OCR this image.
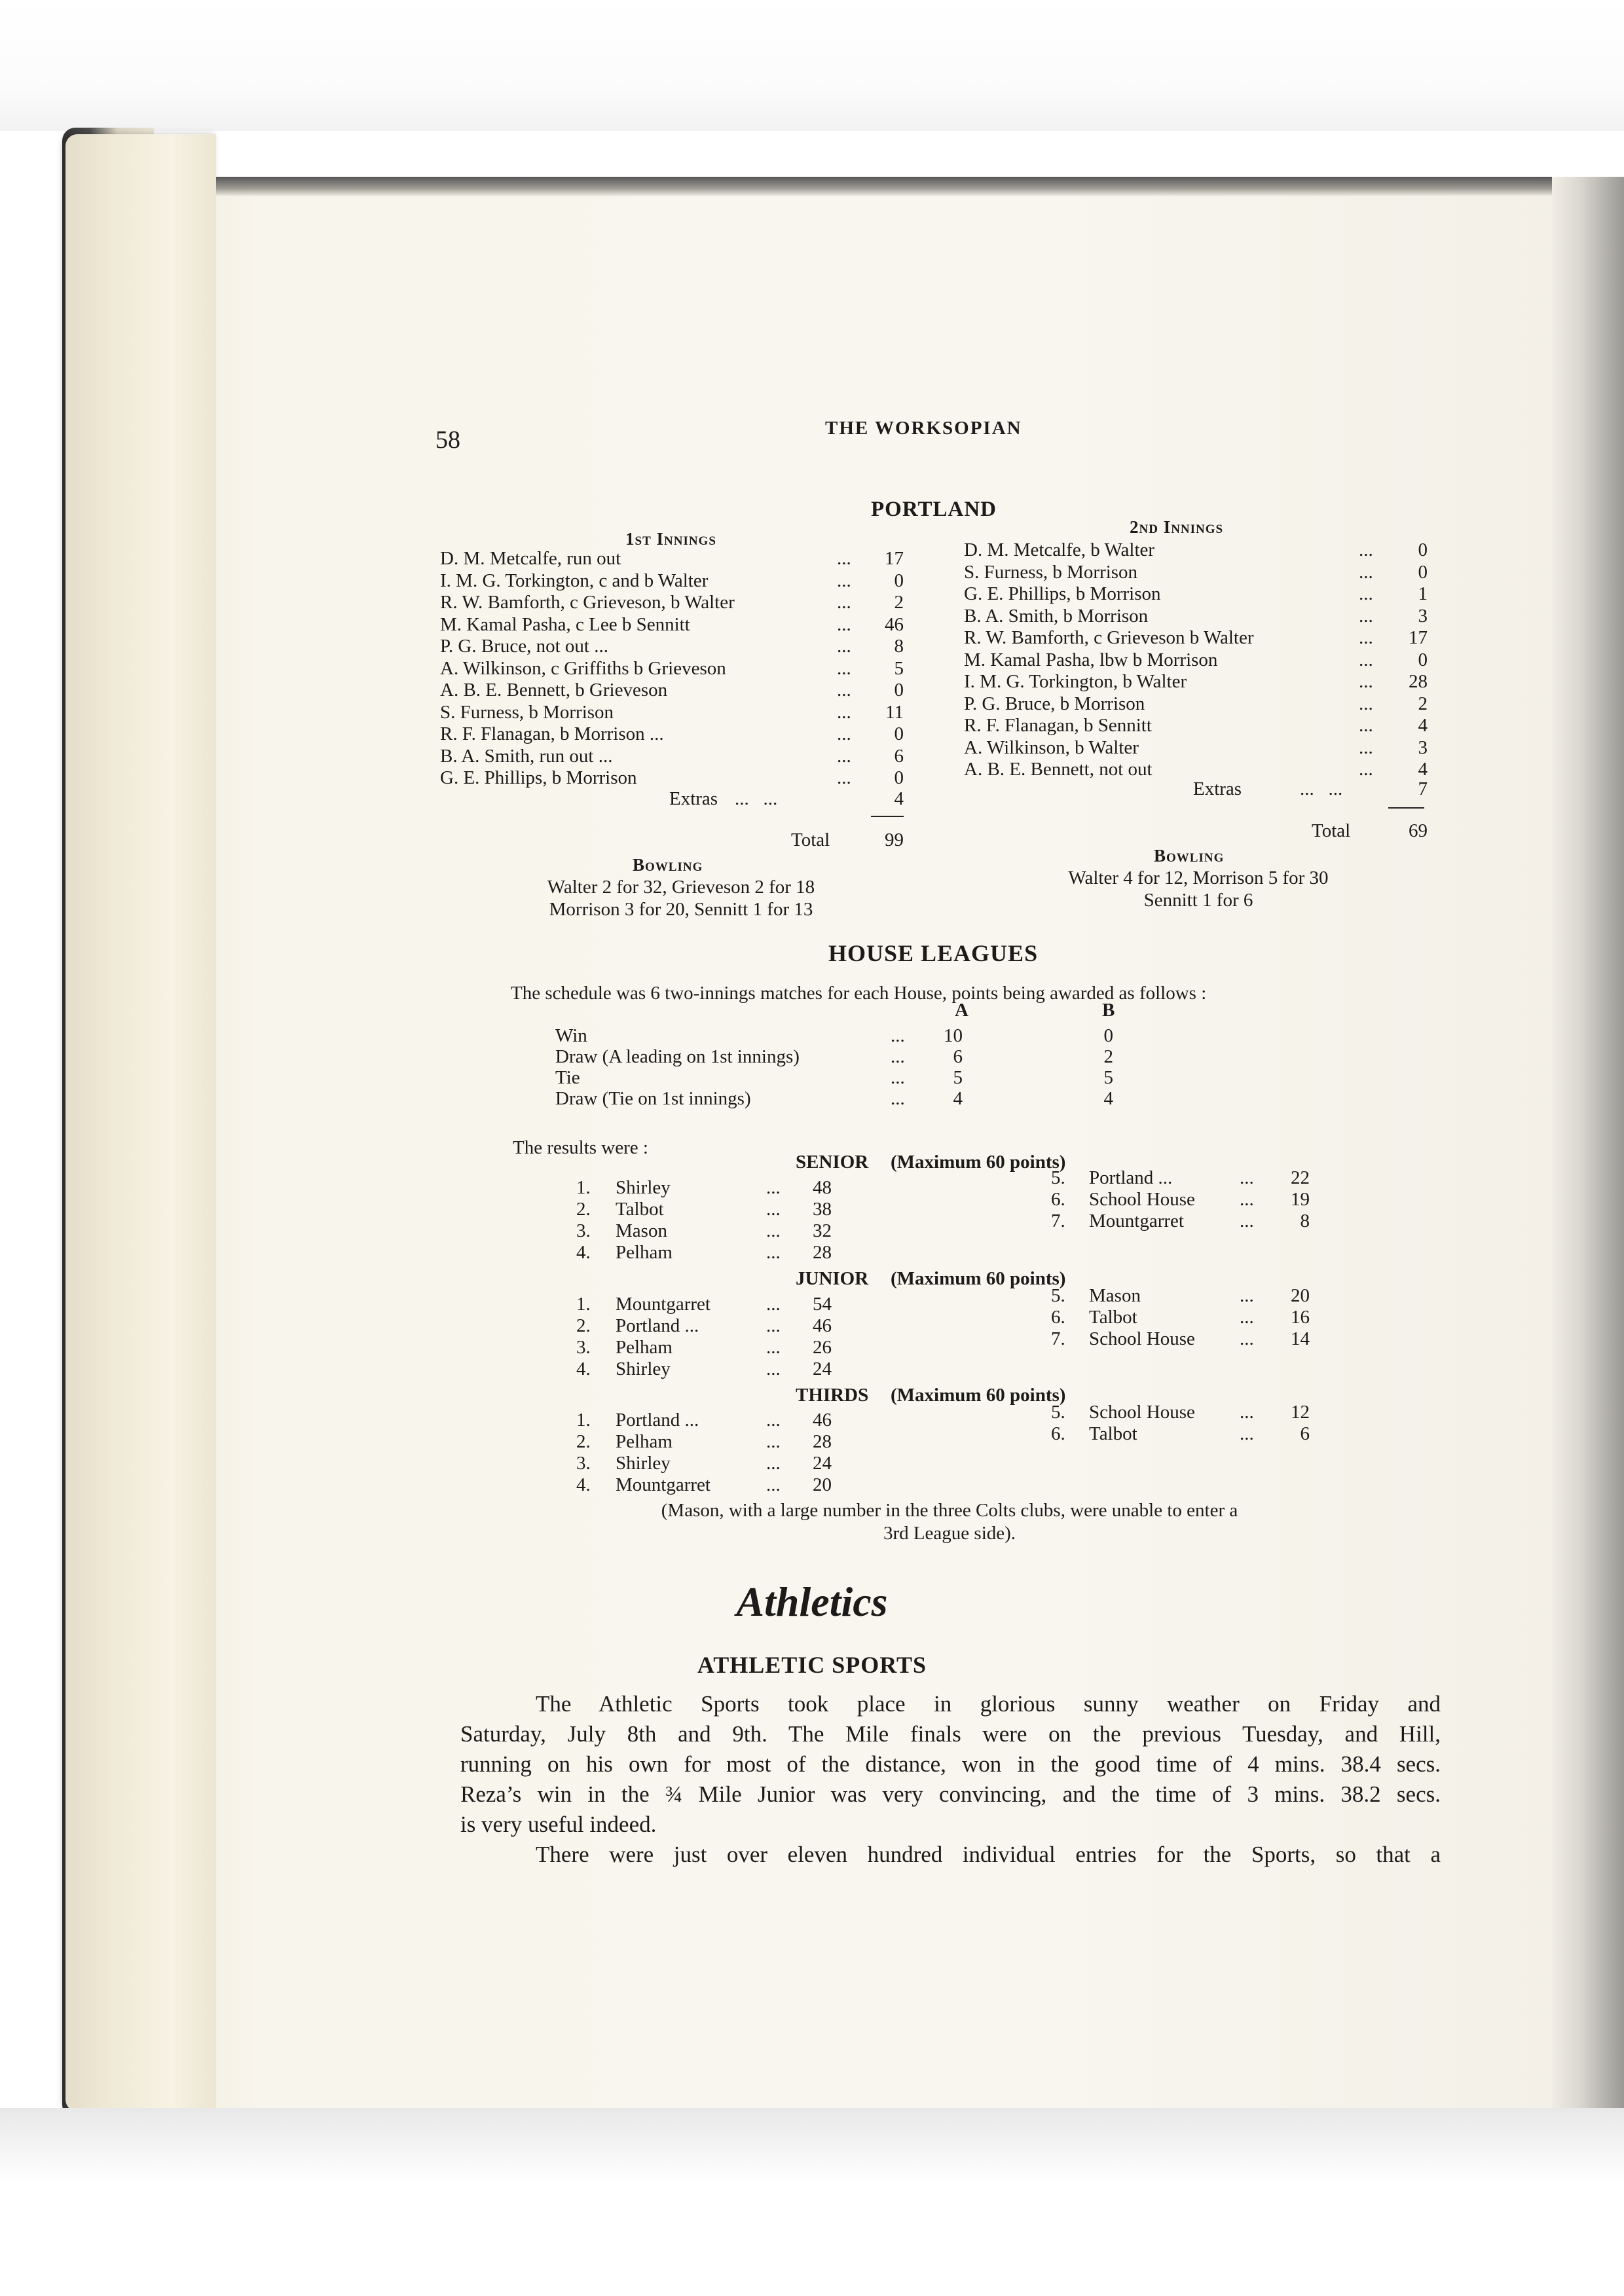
58	THE WORKSOPIAN
PORTLAND
1st Innings
D. M. Metcalfe, run out	...	17
I. M. G. Torkington, c and b Walter	...	0
R. W. Bamforth, c Grieveson, b Walter	...	2
M. Kamal Pasha, c Lee b Sennitt	...	46
P. G. Bruce, not out ...	...	8
A. Wilkinson, c Griffiths b Grieveson	...	5
A. B. E. Bennett, b Grieveson	...	0
S. Furness, b Morrison	...	11
R. F. Flanagan, b Morrison ...	...	0
B. A. Smith, run out ...	...	6
G. E. Phillips, b Morrison	...	0
Extras ...   ...	4
Total	99
Bowling
Walter 2 for 32, Grieveson 2 for 18
Morrison 3 for 20, Sennitt 1 for 13
2nd Innings
D. M. Metcalfe, b Walter	...	0
S. Furness, b Morrison	...	0
G. E. Phillips, b Morrison	...	1
B. A. Smith, b Morrison	...	3
R. W. Bamforth, c Grieveson b Walter	...	17
M. Kamal Pasha, lbw b Morrison	...	0
I. M. G. Torkington, b Walter	...	28
P. G. Bruce, b Morrison	...	2
R. F. Flanagan, b Sennitt	...	4
A. Wilkinson, b Walter	...	3
A. B. E. Bennett, not out	...	4
Extras	...   ...	7
Total	69
Bowling
Walter 4 for 12, Morrison 5 for 30
Sennitt 1 for 6
HOUSE LEAGUES
The schedule was 6 two-innings matches for each House, points being awarded as follows :
A	B
Win	...	10	0
Draw (A leading on 1st innings)	...	6	2
Tie	...	5	5
Draw (Tie on 1st innings)	...	4	4
The results were :
SENIOR (Maximum 60 points)
1. Shirley	...	48
2. Talbot	...	38
3. Mason	...	32
4. Pelham	...	28
5. Portland ...	...	22
6. School House ...	19
7. Mountgarret	...	8
JUNIOR (Maximum 60 points)
1. Mountgarret	...	54
2. Portland ...	...	46
3. Pelham	...	26
4. Shirley	...	24
5. Mason	...	20
6. Talbot	...	16
7. School House ...	14
THIRDS (Maximum 60 points)
1. Portland ...	...	46
2. Pelham	...	28
3. Shirley	...	24
4. Mountgarret	...	20
5. School House ...	12
6. Talbot	...	6
(Mason, with a large number in the three Colts clubs, were unable to enter a
3rd League side).
Athletics
ATHLETIC SPORTS

The Athletic Sports took place in glorious sunny weather on Friday and

Saturday, July 8th and 9th. The Mile finals were on the previous Tuesday, and Hill,

running on his own for most of the distance, won in the good time of 4 mins. 38.4 secs.

Reza’s win in the ¾ Mile Junior was very convincing, and the time of 3 mins. 38.2 secs.

is very useful indeed.

There were just over eleven hundred individual entries for the Sports, so that a
